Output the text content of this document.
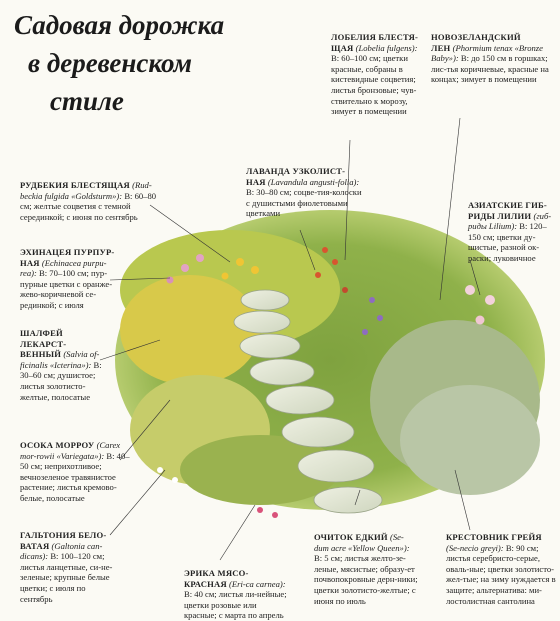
Садовая дорожка
в деревенском
стиле
ЛОБЕЛИЯ БЛЕСТЯ-
ЩАЯ (Lobelia fulgens): В: 60–100 см; цветки красные, собраны в кистевидные соцветия; листья бронзовые; чув-ствительно к морозу, зимует в помещении
НОВОЗЕЛАНДСКИЙ
ЛЕН (Phormium tenax «Bronze Baby»): В: до 150 см в горшках; лис-тья коричневые, красные на концах; зимует в помещении
РУДБЕКИЯ БЛЕСТЯЩАЯ (Rud-beckia fulgida «Goldsturm»): В: 60–80 см; желтые соцветия с темной серединкой; с июня по сентябрь
ЛАВАНДА УЗКОЛИСТ-
НАЯ (Lavandula angusti-folia): В: 30–80 см; соцве-тия-колоски с душистыми фиолетовыми цветками
АЗИАТСКИЕ ГИБ-
РИДЫ ЛИЛИИ (гиб-риды Lilium): В: 120–150 см; цветки ду-шистые, разной ок-раски; луковичное
ЭХИНАЦЕЯ ПУРПУР-
НАЯ (Echinacea purpu-rea): В: 70–100 см; пур-пурные цветки с оранже-жево-коричневой се-рединкой; с июля
ШАЛФЕЙ ЛЕКАРСТ-
ВЕННЫЙ (Salvia of-ficinalis «Icterina»): В: 30–60 см; душистое; листья золотисто-желтые, полосатые
ОСОКА МОРРОУ (Carex mor-rowii «Variegata»): В: 40–50 см; неприхотливое; вечнозеленое травянистое растение; листья кремово-белые, полосатые
ГАЛЬТОНИЯ БЕЛО-
ВАТАЯ (Galtonia can-dicans): В: 100–120 см; листья ланцетные, си-не-зеленые; крупные белые цветки; с июля по сентябрь
ЭРИКА МЯСО-КРАСНАЯ (Eri-ca carnea): В: 40 см; листья ли-нейные; цветки розовые или красные; с марта по апрель
ОЧИТОК ЕДКИЙ (Se-dum acre «Yellow Queen»): В: 5 см; листья желто-зе-леные, мясистые; образу-ет почвопокровные дерн-ники; цветки золотисто-желтые; с июня по июль
КРЕСТОВНИК ГРЕЙЯ (Se-necio greyi): В: 90 см; листья серебристо-серые, оваль-ные; цветки золотисто-жел-тые; на зиму нуждается в защите; альтернатива: ми-лостолистная сантолина
